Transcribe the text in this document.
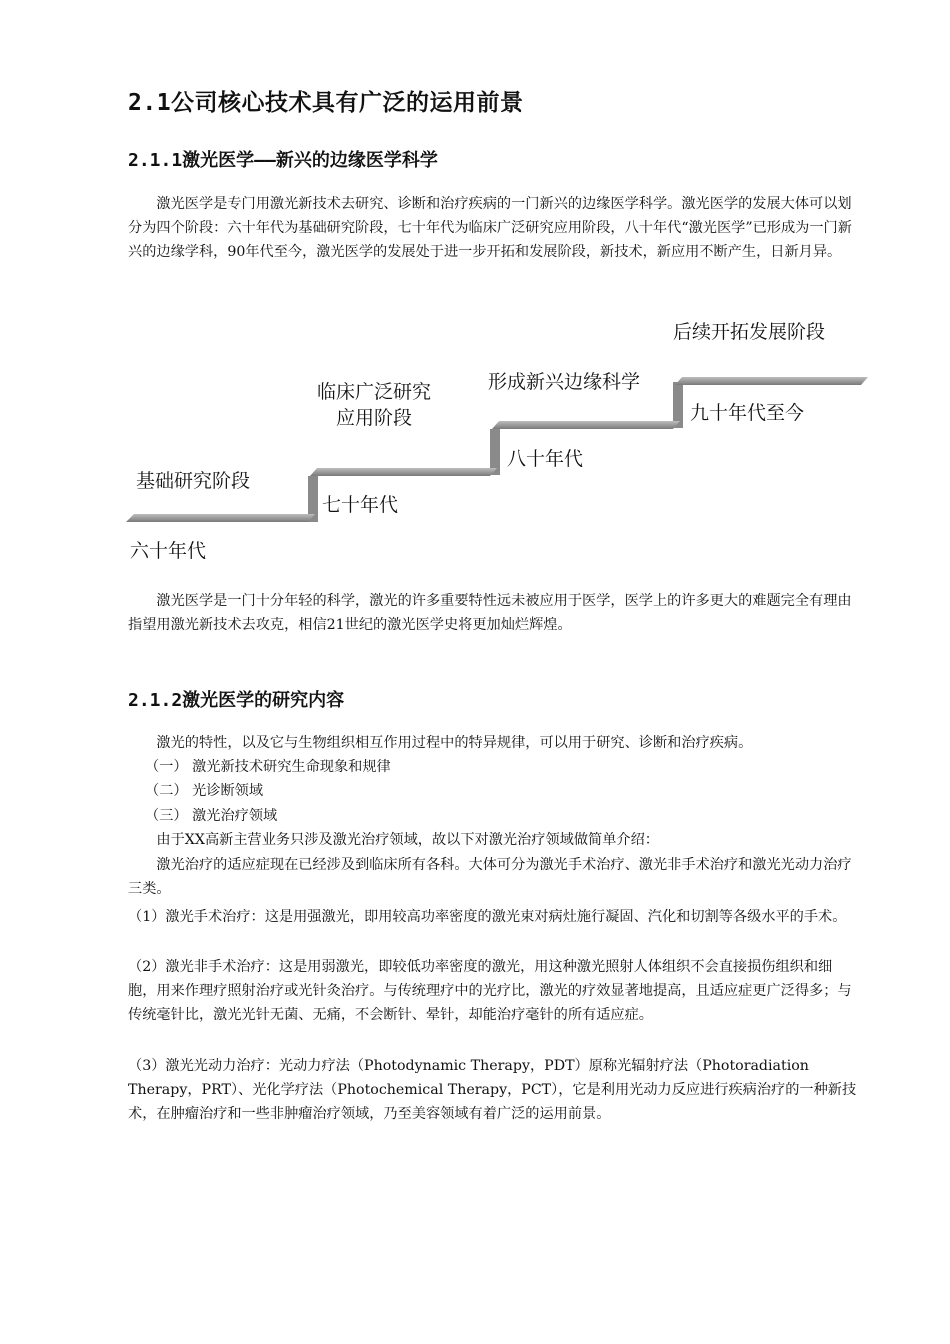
2.1公司核心技术具有广泛的运用前景
2.1.1激光医学——新兴的边缘医学科学

激光医学是专门用激光新技术去研究、诊断和治疗疾病的一门新兴的边缘医学科学。激光医学的发展大体可以划分为四个阶段：六十年代为基础研究阶段，七十年代为临床广泛研究应用阶段，八十年代“激光医学”已形成为一门新兴的边缘学科，90年代至今，激光医学的发展处于进一步开拓和发展阶段，新技术，新应用不断产生，日新月异。

基础研究阶段
六十年代
临床广泛研究
应用阶段
七十年代
形成新兴边缘科学
八十年代
后续开拓发展阶段
九十年代至今

激光医学是一门十分年轻的科学，激光的许多重要特性远未被应用于医学，医学上的许多更大的难题完全有理由指望用激光新技术去攻克，相信21世纪的激光医学史将更加灿烂辉煌。

2.1.2激光医学的研究内容
激光的特性，以及它与生物组织相互作用过程中的特异规律，可以用于研究、诊断和治疗疾病。
（一） 激光新技术研究生命现象和规律
（二） 光诊断领域
（三） 激光治疗领域
由于XX高新主营业务只涉及激光治疗领域，故以下对激光治疗领域做简单介绍：

激光治疗的适应症现在已经涉及到临床所有各科。大体可分为激光手术治疗、激光非手术治疗和激光光动力治疗三类。

（1）激光手术治疗：这是用强激光，即用较高功率密度的激光束对病灶施行凝固、汽化和切割等各级水平的手术。

（2）激光非手术治疗：这是用弱激光，即较低功率密度的激光，用这种激光照射人体组织不会直接损伤组织和细胞，用来作理疗照射治疗或光针灸治疗。与传统理疗中的光疗比，激光的疗效显著地提高，且适应症更广泛得多；与传统毫针比，激光光针无菌、无痛，不会断针、晕针，却能治疗毫针的所有适应症。

（3）激光光动力治疗：光动力疗法（Photodynamic Therapy，PDT）原称光辐射疗法（Photoradiation Therapy，PRT）、光化学疗法（Photochemical Therapy，PCT），它是利用光动力反应进行疾病治疗的一种新技术，在肿瘤治疗和一些非肿瘤治疗领域，乃至美容领域有着广泛的运用前景。
